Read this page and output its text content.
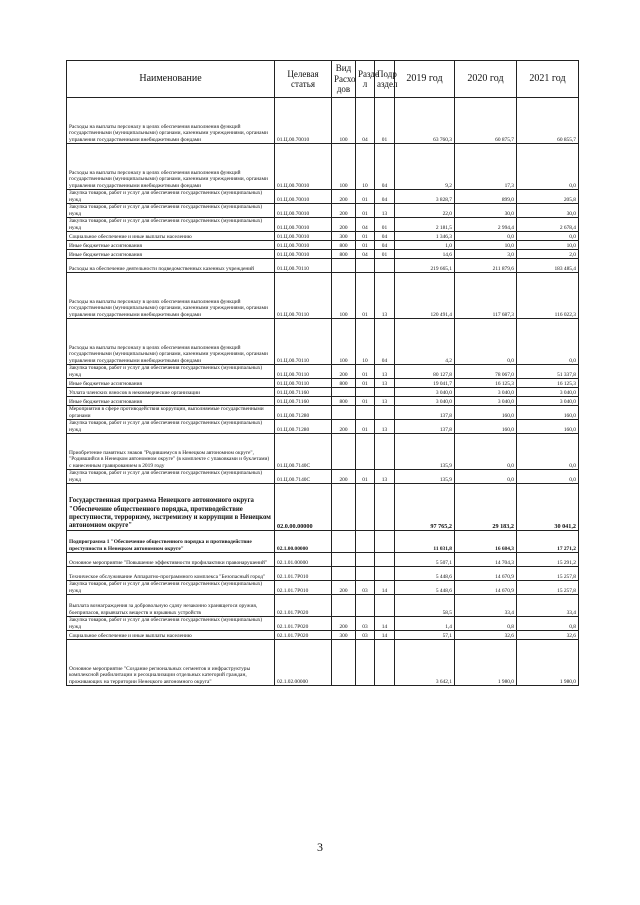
Наименование	Целевая статья	Вид Расхо дов	Разде л	Подр аздел	2019 год	2020 год	2021 год
Расходы на выплаты персоналу в целях обеспечения выполнения функций государственными (муниципальными) органами, казенными учреждениями, органами управления государственными внебюджетными фондами	01.Ц.00.70010	100	04	01	63 760,3	60 875,7	60 855,7
Расходы на выплаты персоналу в целях обеспечения выполнения функций государственными (муниципальными) органами, казенными учреждениями, органами управления государственными внебюджетными фондами	01.Ц.00.70010	100	10	04	9,2	17,3	0,0
Закупка товаров, работ и услуг для обеспечения государственных (муниципальных) нужд	01.Ц.00.70010	200	01	04	3 828,7	899,0	205,8
Закупка товаров, работ и услуг для обеспечения государственных (муниципальных) нужд	01.Ц.00.70010	200	01	13	22,0	30,0	30,0
Закупка товаров, работ и услуг для обеспечения государственных (муниципальных) нужд	01.Ц.00.70010	200	04	01	2 181,5	2 994,4	2 678,4
Социальное обеспечение и иные выплаты населению	01.Ц.00.70010	300	01	04	1 346,3	0,0	0,0
Иные бюджетные ассигнования	01.Ц.00.70010	800	01	04	1,0	10,0	10,0
Иные бюджетные ассигнования	01.Ц.00.70010	800	04	01	14,6	3,0	2,0
Расходы на обеспечение деятельности подведомственных казенных учреждений	01.Ц.00.70110				219 665,1	211 879,6	183 485,4
Расходы на выплаты персоналу в целях обеспечения выполнения функций государственными (муниципальными) органами, казенными учреждениями, органами управления государственными внебюджетными фондами	01.Ц.00.70110	100	01	13	120 491,4	117 687,3	116 022,3
Расходы на выплаты персоналу в целях обеспечения выполнения функций государственными (муниципальными) органами, казенными учреждениями, органами управления государственными внебюджетными фондами	01.Ц.00.70110	100	10	04	4,2	0,0	0,0
Закупка товаров, работ и услуг для обеспечения государственных (муниципальных) нужд	01.Ц.00.70110	200	01	13	80 127,8	78 067,0	51 337,8
Иные бюджетные ассигнования	01.Ц.00.70110	800	01	13	19 041,7	16 125,3	16 125,3
Уплата членских взносов в некоммерческие организации	01.Ц.00.71160				3 040,0	3 040,0	3 040,0
Иные бюджетные ассигнования	01.Ц.00.71160	800	01	13	3 040,0	3 040,0	3 040,0
Мероприятия в сфере противодействия коррупции, выполняемые государственными органами	01.Ц.00.71280				137,8	160,0	160,0
Закупка товаров, работ и услуг для обеспечения государственных (муниципальных) нужд	01.Ц.00.71280	200	01	13	137,8	160,0	160,0
Приобретение памятных знаков "Родившемуся в Ненецком автономном округе", "Родившийся в Ненецком автономном округе" (в комплекте с упаковками и буклетами) с нанесенным гравированием в 2019 году	01.Ц.00.7140С				135,9	0,0	0,0
Закупка товаров, работ и услуг для обеспечения государственных (муниципальных) нужд	01.Ц.00.7140С	200	01	13	135,9	0,0	0,0
Государственная программа Ненецкого автономного округа "Обеспечение общественного порядка, противодействие преступности, терроризму, экстремизму и коррупции в Ненецком автономном округе"	02.0.00.00000				97 765,2	29 183,2	30 041,2
Подпрограмма 1 "Обеспечение общественного порядка и противодействие преступности в Ненецком автономном округе"	02.1.00.00000				11 031,8	16 684,3	17 271,2
Основное мероприятие "Повышение эффективности профилактики правонарушений"	02.1.01.00000				5 507,1	14 704,3	15 291,2
Техническое обслуживание Аппаратно-программного комплекса "Безопасный город"	02.1.01.7Р010				5 448,6	14 670,9	15 257,8
Закупка товаров, работ и услуг для обеспечения государственных (муниципальных) нужд	02.1.01.7Р010	200	03	14	5 448,6	14 670,9	15 257,8
Выплата вознаграждения за добровольную сдачу незаконно хранящегося оружия, боеприпасов, взрывчатых веществ и взрывных устройств	02.1.01.7Р020				58,5	33,4	33,4
Закупка товаров, работ и услуг для обеспечения государственных (муниципальных) нужд	02.1.01.7Р020	200	03	14	1,4	0,8	0,8
Социальное обеспечение и иные выплаты населению	02.1.01.7Р020	300	03	14	57,1	32,6	32,6
Основное мероприятие "Создание региональных сегментов и инфраструктуры комплексной реабилитации и ресоциализации отдельных категорий граждан, проживающих на территории Ненецкого автономного округа"	02.1.02.00000				3 642,1	1 980,0	1 980,0
3
